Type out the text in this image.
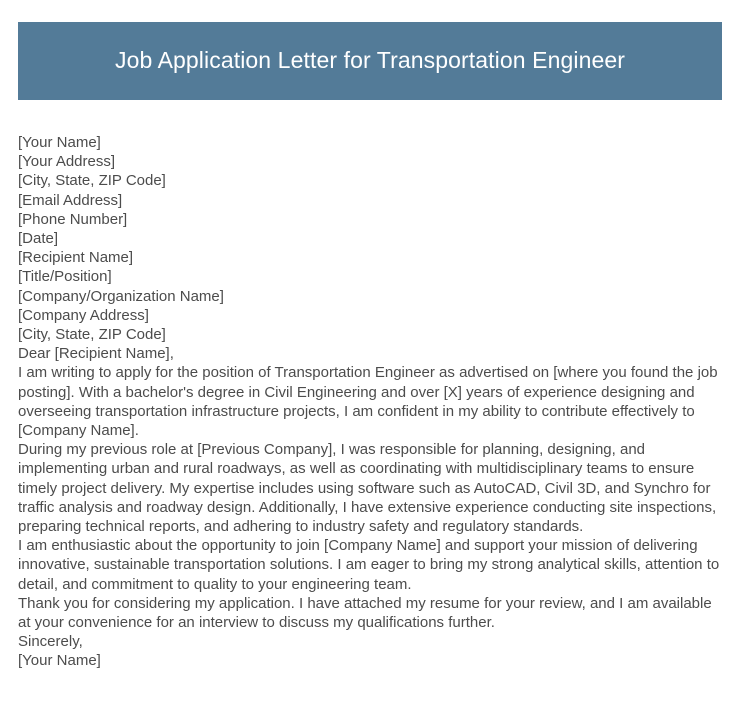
Job Application Letter for Transportation Engineer
[Your Name]
[Your Address]
[City, State, ZIP Code]
[Email Address]
[Phone Number]
[Date]
[Recipient Name]
[Title/Position]
[Company/Organization Name]
[Company Address]
[City, State, ZIP Code]
Dear [Recipient Name],

I am writing to apply for the position of Transportation Engineer as advertised on [where you found the job posting]. With a bachelor's degree in Civil Engineering and over [X] years of experience designing and overseeing transportation infrastructure projects, I am confident in my ability to contribute effectively to [Company Name].

During my previous role at [Previous Company], I was responsible for planning, designing, and implementing urban and rural roadways, as well as coordinating with multidisciplinary teams to ensure timely project delivery. My expertise includes using software such as AutoCAD, Civil 3D, and Synchro for traffic analysis and roadway design. Additionally, I have extensive experience conducting site inspections, preparing technical reports, and adhering to industry safety and regulatory standards.

I am enthusiastic about the opportunity to join [Company Name] and support your mission of delivering innovative, sustainable transportation solutions. I am eager to bring my strong analytical skills, attention to detail, and commitment to quality to your engineering team.

Thank you for considering my application. I have attached my resume for your review, and I am available at your convenience for an interview to discuss my qualifications further.

Sincerely,
[Your Name]
